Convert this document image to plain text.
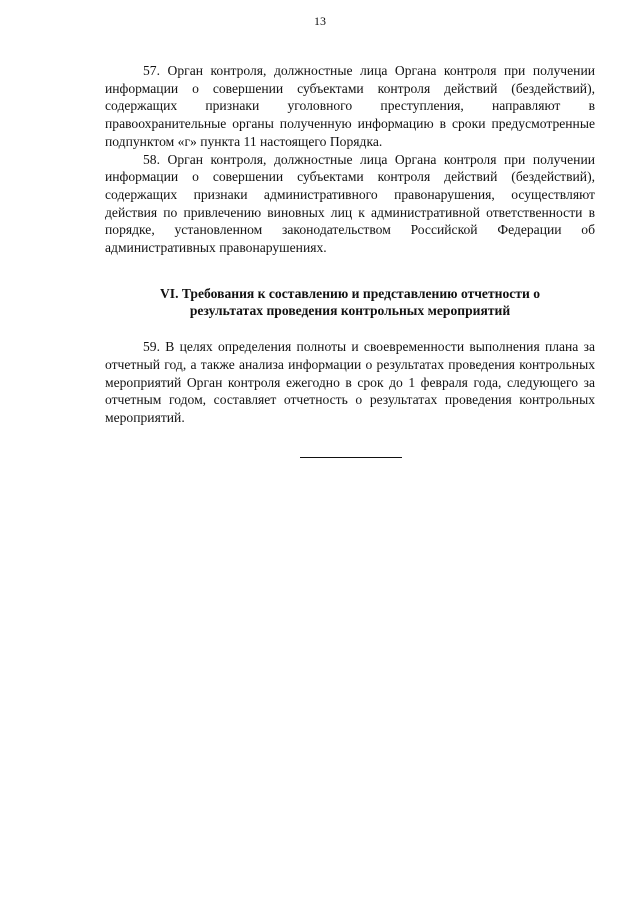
13

57. Орган контроля, должностные лица Органа контроля при получении информации о совершении субъектами контроля действий (бездействий), содержащих признаки уголовного преступления, направляют в правоохранительные органы полученную информацию в сроки предусмотренные подпунктом «г» пункта 11 настоящего Порядка.

58. Орган контроля, должностные лица Органа контроля при получении информации о совершении субъектами контроля действий (бездействий), содержащих признаки административного правонарушения, осуществляют действия по привлечению виновных лиц к административной ответственности в порядке, установленном законодательством Российской Федерации об административных правонарушениях.

VI. Требования к составлению и представлению отчетности о
результатах проведения контрольных мероприятий

59. В целях определения полноты и своевременности выполнения плана за отчетный год, а также анализа информации о результатах проведения контрольных мероприятий Орган контроля ежегодно в срок до 1 февраля года, следующего за отчетным годом, составляет отчетность о результатах проведения контрольных мероприятий.
